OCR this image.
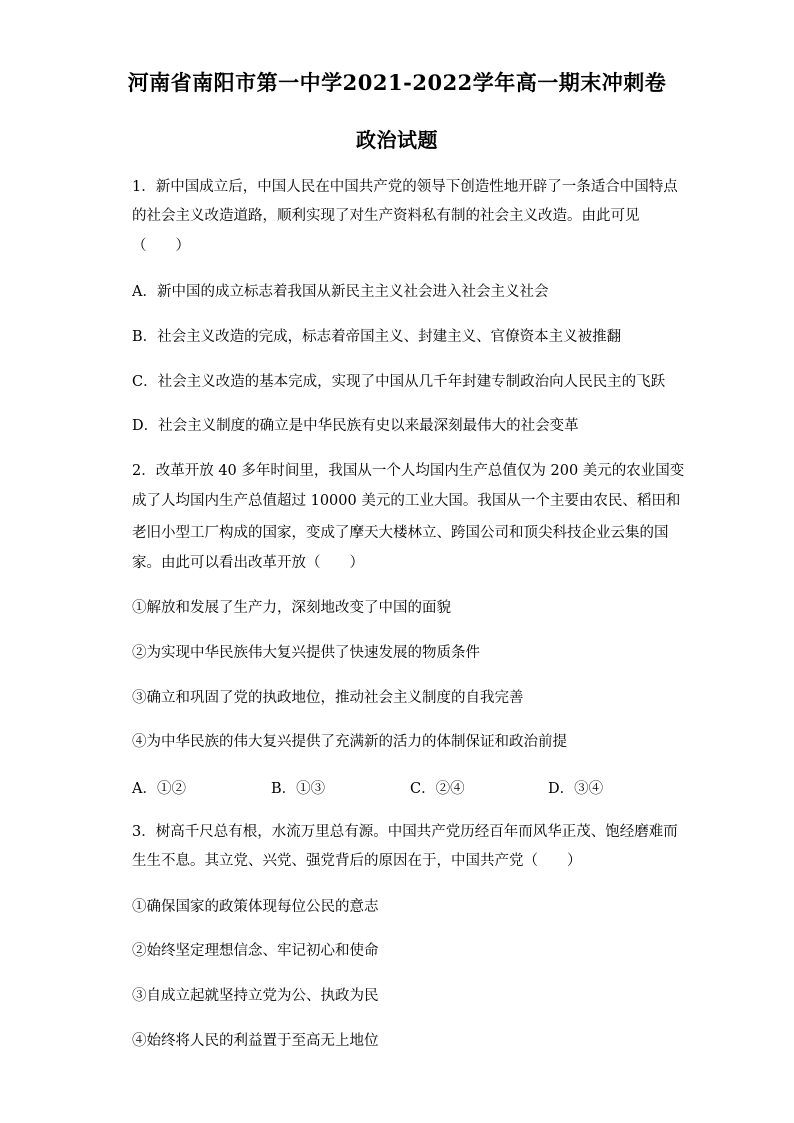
河南省南阳市第一中学2021-2022学年高一期末冲刺卷
政治试题
1．新中国成立后，中国人民在中国共产党的领导下创造性地开辟了一条适合中国特点
的社会主义改造道路，顺利实现了对生产资料私有制的社会主义改造。由此可见
（　　）
A．新中国的成立标志着我国从新民主主义社会进入社会主义社会
B．社会主义改造的完成，标志着帝国主义、封建主义、官僚资本主义被推翻
C．社会主义改造的基本完成，实现了中国从几千年封建专制政治向人民民主的飞跃
D．社会主义制度的确立是中华民族有史以来最深刻最伟大的社会变革
2．改革开放 40 多年时间里，我国从一个人均国内生产总值仅为 200 美元的农业国变
成了人均国内生产总值超过 10000 美元的工业大国。我国从一个主要由农民、稻田和
老旧小型工厂构成的国家，变成了摩天大楼林立、跨国公司和顶尖科技企业云集的国
家。由此可以看出改革开放（　　）
①解放和发展了生产力，深刻地改变了中国的面貌
②为实现中华民族伟大复兴提供了快速发展的物质条件
③确立和巩固了党的执政地位，推动社会主义制度的自我完善
④为中华民族的伟大复兴提供了充满新的活力的体制保证和政治前提
A．①②	B．①③	C．②④	D．③④
3．树高千尺总有根，水流万里总有源。中国共产党历经百年而风华正茂、饱经磨难而
生生不息。其立党、兴党、强党背后的原因在于，中国共产党（　　）
①确保国家的政策体现每位公民的意志
②始终坚定理想信念、牢记初心和使命
③自成立起就坚持立党为公、执政为民
④始终将人民的利益置于至高无上地位
